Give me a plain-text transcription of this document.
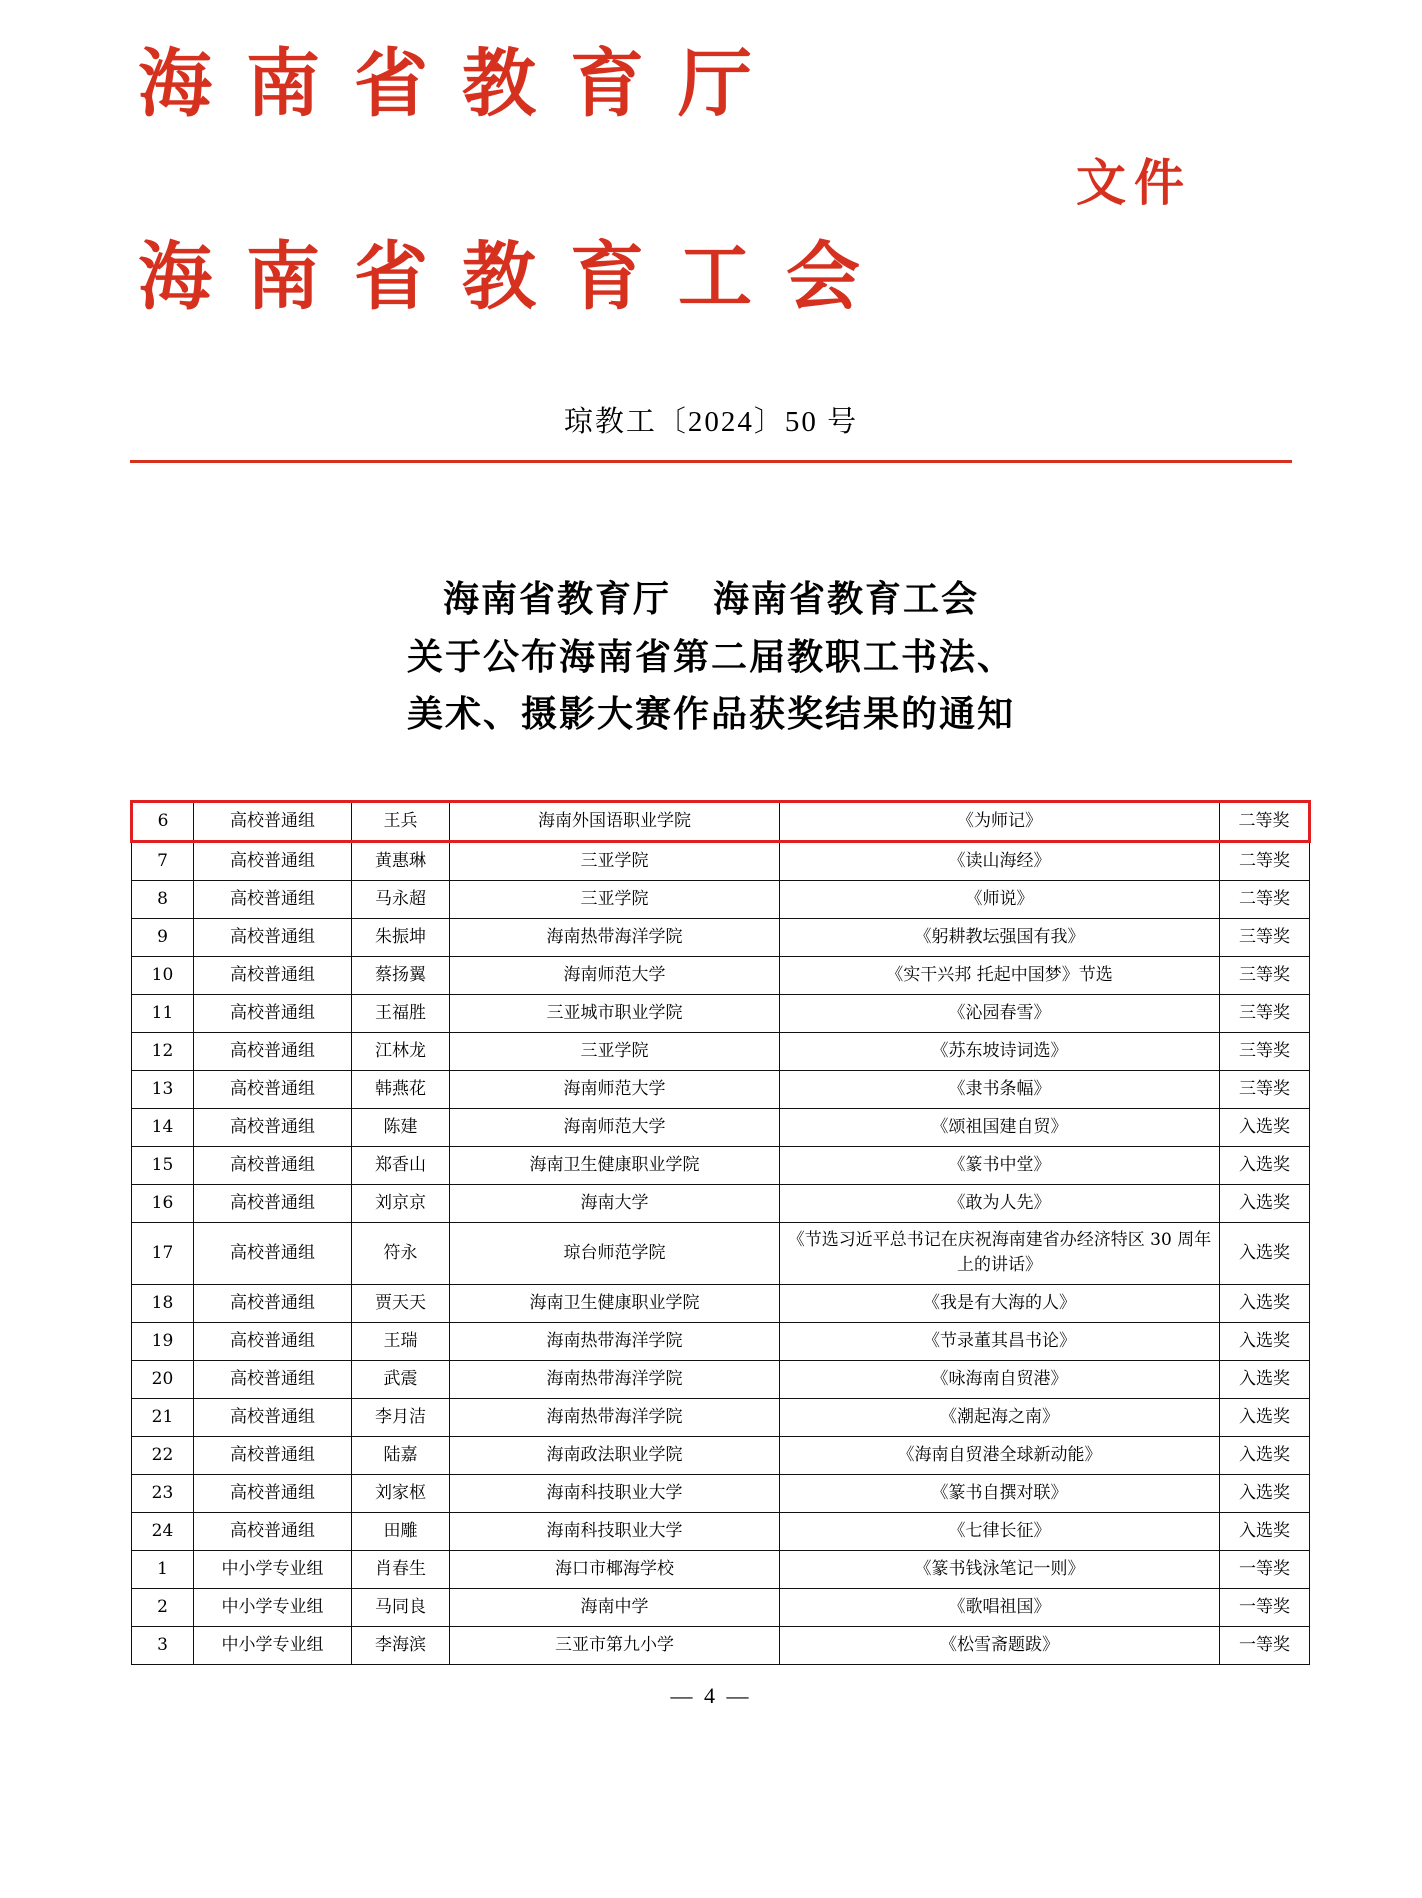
海南省教育厅
文件
海南省教育工会
琼教工〔2024〕50 号
海南省教育厅 海南省教育工会
关于公布海南省第二届教职工书法、
美术、摄影大赛作品获奖结果的通知
6	高校普通组	王兵	海南外国语职业学院	《为师记》	二等奖
7	高校普通组	黄惠琳	三亚学院	《读山海经》	二等奖
8	高校普通组	马永超	三亚学院	《师说》	二等奖
9	高校普通组	朱振坤	海南热带海洋学院	《躬耕教坛强国有我》	三等奖
10	高校普通组	蔡扬翼	海南师范大学	《实干兴邦 托起中国梦》节选	三等奖
11	高校普通组	王福胜	三亚城市职业学院	《沁园春雪》	三等奖
12	高校普通组	江林龙	三亚学院	《苏东坡诗词选》	三等奖
13	高校普通组	韩燕花	海南师范大学	《隶书条幅》	三等奖
14	高校普通组	陈建	海南师范大学	《颂祖国建自贸》	入选奖
15	高校普通组	郑香山	海南卫生健康职业学院	《篆书中堂》	入选奖
16	高校普通组	刘京京	海南大学	《敢为人先》	入选奖
17	高校普通组	符永	琼台师范学院	《节选习近平总书记在庆祝海南建省办经济特区 30 周年上的讲话》	入选奖
18	高校普通组	贾天天	海南卫生健康职业学院	《我是有大海的人》	入选奖
19	高校普通组	王瑞	海南热带海洋学院	《节录董其昌书论》	入选奖
20	高校普通组	武震	海南热带海洋学院	《咏海南自贸港》	入选奖
21	高校普通组	李月洁	海南热带海洋学院	《潮起海之南》	入选奖
22	高校普通组	陆嘉	海南政法职业学院	《海南自贸港全球新动能》	入选奖
23	高校普通组	刘家枢	海南科技职业大学	《篆书自撰对联》	入选奖
24	高校普通组	田雕	海南科技职业大学	《七律长征》	入选奖
1	中小学专业组	肖春生	海口市椰海学校	《篆书钱泳笔记一则》	一等奖
2	中小学专业组	马同良	海南中学	《歌唱祖国》	一等奖
3	中小学专业组	李海滨	三亚市第九小学	《松雪斋题跋》	一等奖
— 4 —
